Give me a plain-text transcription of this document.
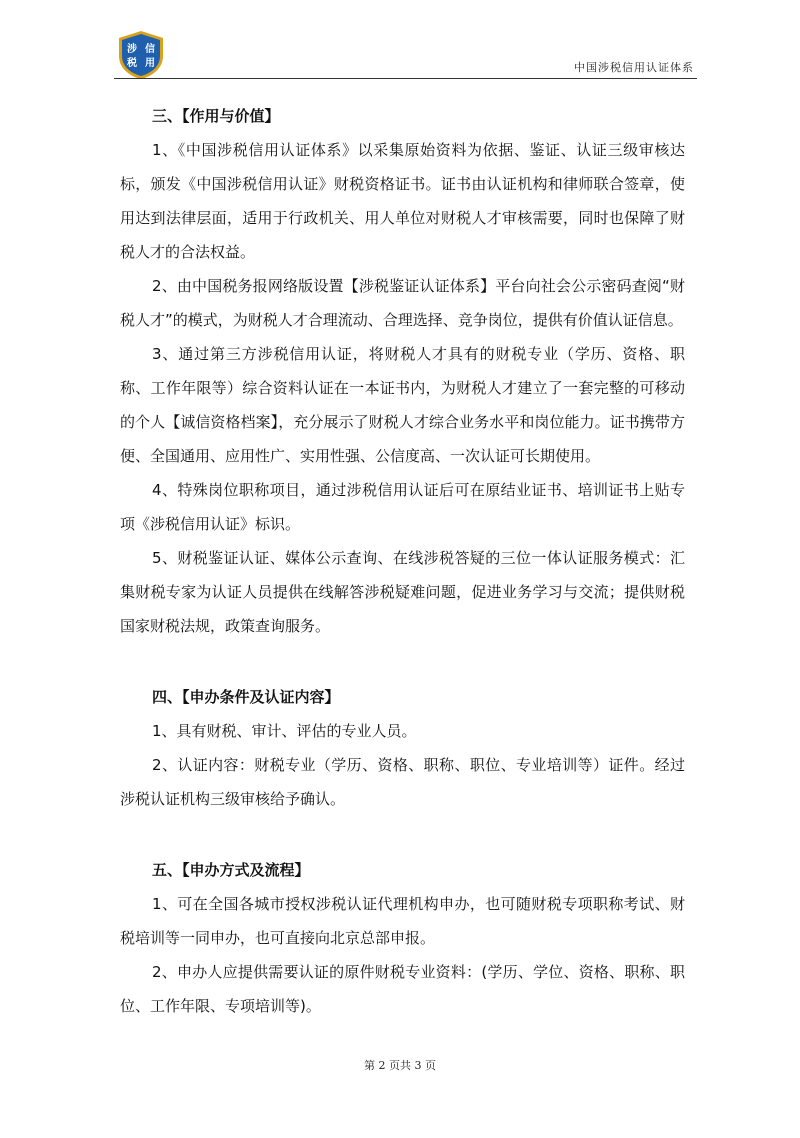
涉 信
税 用	中国涉税信用认证体系
三、【作用与价值】

1、《中国涉税信用认证体系》以采集原始资料为依据、鉴证、认证三级审核达标，颁发《中国涉税信用认证》财税资格证书。证书由认证机构和律师联合签章，使用达到法律层面，适用于行政机关、用人单位对财税人才审核需要，同时也保障了财税人才的合法权益。

2、由中国税务报网络版设置【涉税鉴证认证体系】平台向社会公示密码查阅“财税人才”的模式，为财税人才合理流动、合理选择、竞争岗位，提供有价值认证信息。

3、通过第三方涉税信用认证，将财税人才具有的财税专业（学历、资格、职称、工作年限等）综合资料认证在一本证书内，为财税人才建立了一套完整的可移动的个人【诚信资格档案】，充分展示了财税人才综合业务水平和岗位能力。证书携带方便、全国通用、应用性广、实用性强、公信度高、一次认证可长期使用。

4、特殊岗位职称项目，通过涉税信用认证后可在原结业证书、培训证书上贴专项《涉税信用认证》标识。

5、财税鉴证认证、媒体公示查询、在线涉税答疑的三位一体认证服务模式：汇集财税专家为认证人员提供在线解答涉税疑难问题，促进业务学习与交流；提供财税国家财税法规，政策查询服务。

四、【申办条件及认证内容】

1、具有财税、审计、评估的专业人员。

2、认证内容：财税专业（学历、资格、职称、职位、专业培训等）证件。经过涉税认证机构三级审核给予确认。

五、【申办方式及流程】

1、可在全国各城市授权涉税认证代理机构申办，也可随财税专项职称考试、财税培训等一同申办，也可直接向北京总部申报。

2、申办人应提供需要认证的原件财税专业资料：(学历、学位、资格、职称、职位、工作年限、专项培训等)。

第 2 页共 3 页
